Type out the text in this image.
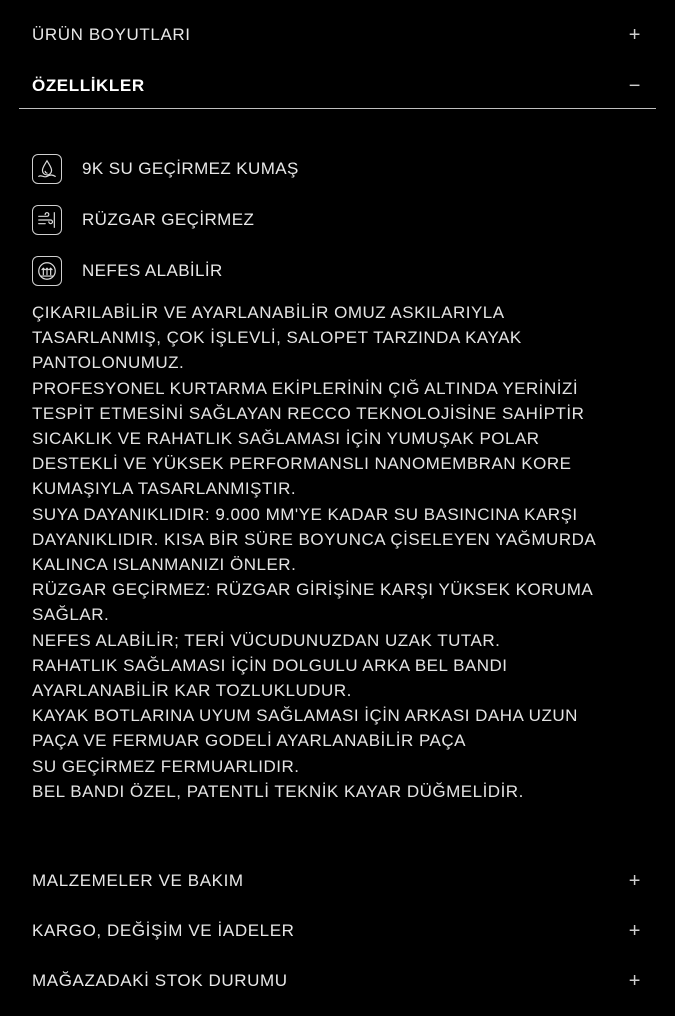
ÜRÜN BOYUTLARI	+
ÖZELLİKLER	−
9K SU GEÇİRMEZ KUMAŞ
RÜZGAR GEÇİRMEZ
NEFES ALABİLİR
ÇIKARILABİLİR VE AYARLANABİLİR OMUZ ASKILARIYLA
TASARLANMIŞ, ÇOK İŞLEVLİ, SALOPET TARZINDA KAYAK
PANTOLONUMUZ.
PROFESYONEL KURTARMA EKİPLERİNİN ÇIĞ ALTINDA YERİNİZİ
TESPİT ETMESİNİ SAĞLAYAN RECCO TEKNOLOJİSİNE SAHİPTİR
SICAKLIK VE RAHATLIK SAĞLAMASI İÇİN YUMUŞAK POLAR
DESTEKLİ VE YÜKSEK PERFORMANSLI NANOMEMBRAN KORE
KUMAŞIYLA TASARLANMIŞTIR.
SUYA DAYANIKLIDIR: 9.000 MM'YE KADAR SU BASINCINA KARŞI
DAYANIKLIDIR. KISA BİR SÜRE BOYUNCA ÇİSELEYEN YAĞMURDA
KALINCA ISLANMANIZI ÖNLER.
RÜZGAR GEÇİRMEZ: RÜZGAR GİRİŞİNE KARŞI YÜKSEK KORUMA
SAĞLAR.
NEFES ALABİLİR; TERİ VÜCUDUNUZDAN UZAK TUTAR.
RAHATLIK SAĞLAMASI İÇİN DOLGULU ARKA BEL BANDI
AYARLANABİLİR KAR TOZLUKLUDUR.
KAYAK BOTLARINA UYUM SAĞLAMASI İÇİN ARKASI DAHA UZUN
PAÇA VE FERMUAR GODELİ AYARLANABİLİR PAÇA
SU GEÇİRMEZ FERMUARLIDIR.
BEL BANDI ÖZEL, PATENTLİ TEKNİK KAYAR DÜĞMELİDİR.
MALZEMELER VE BAKIM	+
KARGO, DEĞİŞİM VE İADELER	+
MAĞAZADAKİ STOK DURUMU	+
